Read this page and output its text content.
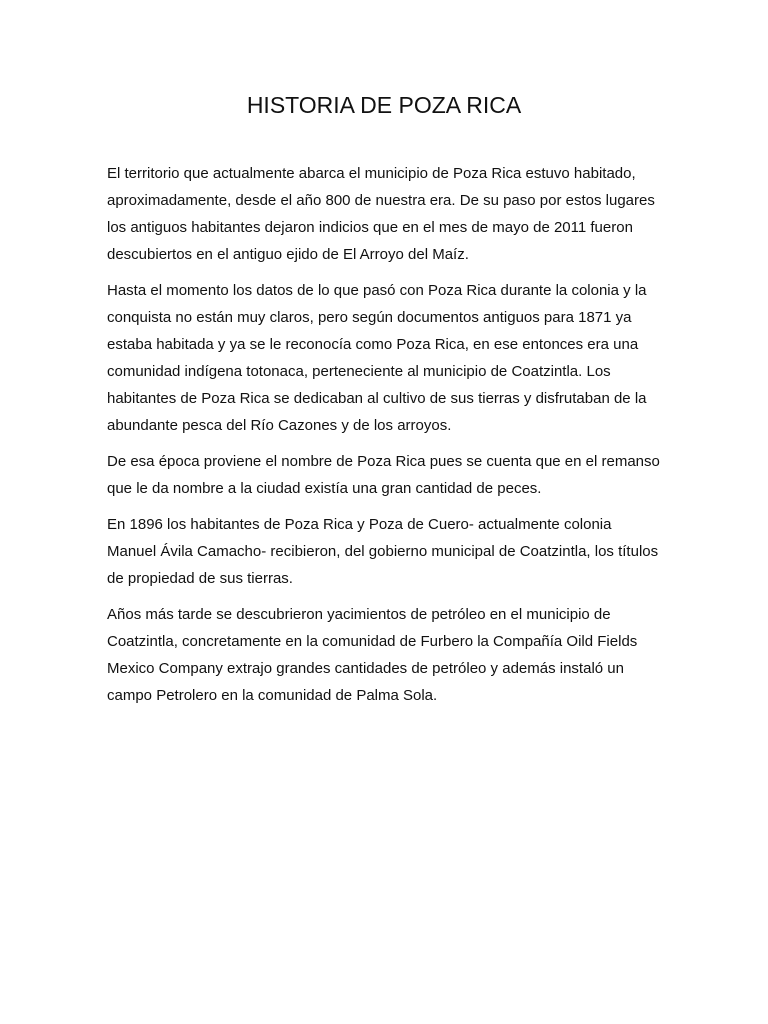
HISTORIA DE POZA RICA

El territorio que actualmente abarca el municipio de Poza Rica estuvo habitado, aproximadamente, desde el año 800 de nuestra era. De su paso por estos lugares los antiguos habitantes dejaron indicios que en el mes de mayo de 2011 fueron descubiertos en el antiguo ejido de El Arroyo del Maíz.

Hasta el momento los datos de lo que pasó con Poza Rica durante la colonia y la conquista no están muy claros, pero según documentos antiguos para 1871 ya estaba habitada y ya se le reconocía como Poza Rica, en ese entonces era una comunidad indígena totonaca, perteneciente al municipio de Coatzintla. Los habitantes de Poza Rica se dedicaban al cultivo de sus tierras y disfrutaban de la abundante pesca del Río Cazones y de los arroyos.

De esa época proviene el nombre de Poza Rica pues se cuenta que en el remanso que le da nombre a la ciudad existía una gran cantidad de peces.

En 1896 los habitantes de Poza Rica y Poza de Cuero- actualmente colonia Manuel Ávila Camacho- recibieron, del gobierno municipal de Coatzintla, los títulos de propiedad de sus tierras.

Años más tarde se descubrieron yacimientos de petróleo en el municipio de Coatzintla, concretamente en la comunidad de Furbero la Compañía Oild Fields Mexico Company extrajo grandes cantidades de petróleo y además instaló un campo Petrolero en la comunidad de Palma Sola.
